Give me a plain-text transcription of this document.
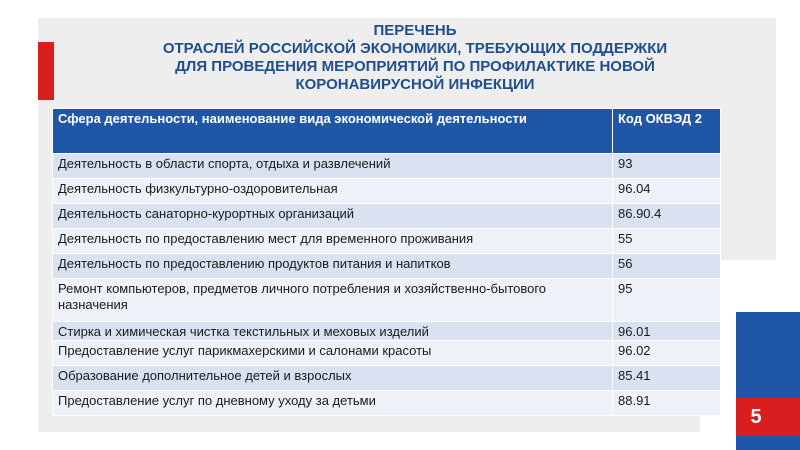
ПЕРЕЧЕНЬ
ОТРАСЛЕЙ РОССИЙСКОЙ ЭКОНОМИКИ, ТРЕБУЮЩИХ ПОДДЕРЖКИ
ДЛЯ ПРОВЕДЕНИЯ МЕРОПРИЯТИЙ ПО ПРОФИЛАКТИКЕ НОВОЙ
КОРОНАВИРУСНОЙ ИНФЕКЦИИ
5
Сфера деятельности, наименование вида экономической деятельности	Код ОКВЭД 2
Деятельность в области спорта, отдыха и развлечений	93
Деятельность физкультурно-оздоровительная	96.04
Деятельность санаторно-курортных организаций	86.90.4
Деятельность по предоставлению мест для временного проживания	55
Деятельность по предоставлению продуктов питания и напитков	56
Ремонт компьютеров, предметов личного потребления и хозяйственно-бытового назначения	95
Стирка и химическая чистка текстильных и меховых изделий	96.01
Предоставление услуг парикмахерскими и салонами красоты	96.02
Образование дополнительное детей и взрослых	85.41
Предоставление услуг по дневному уходу за детьми	88.91
